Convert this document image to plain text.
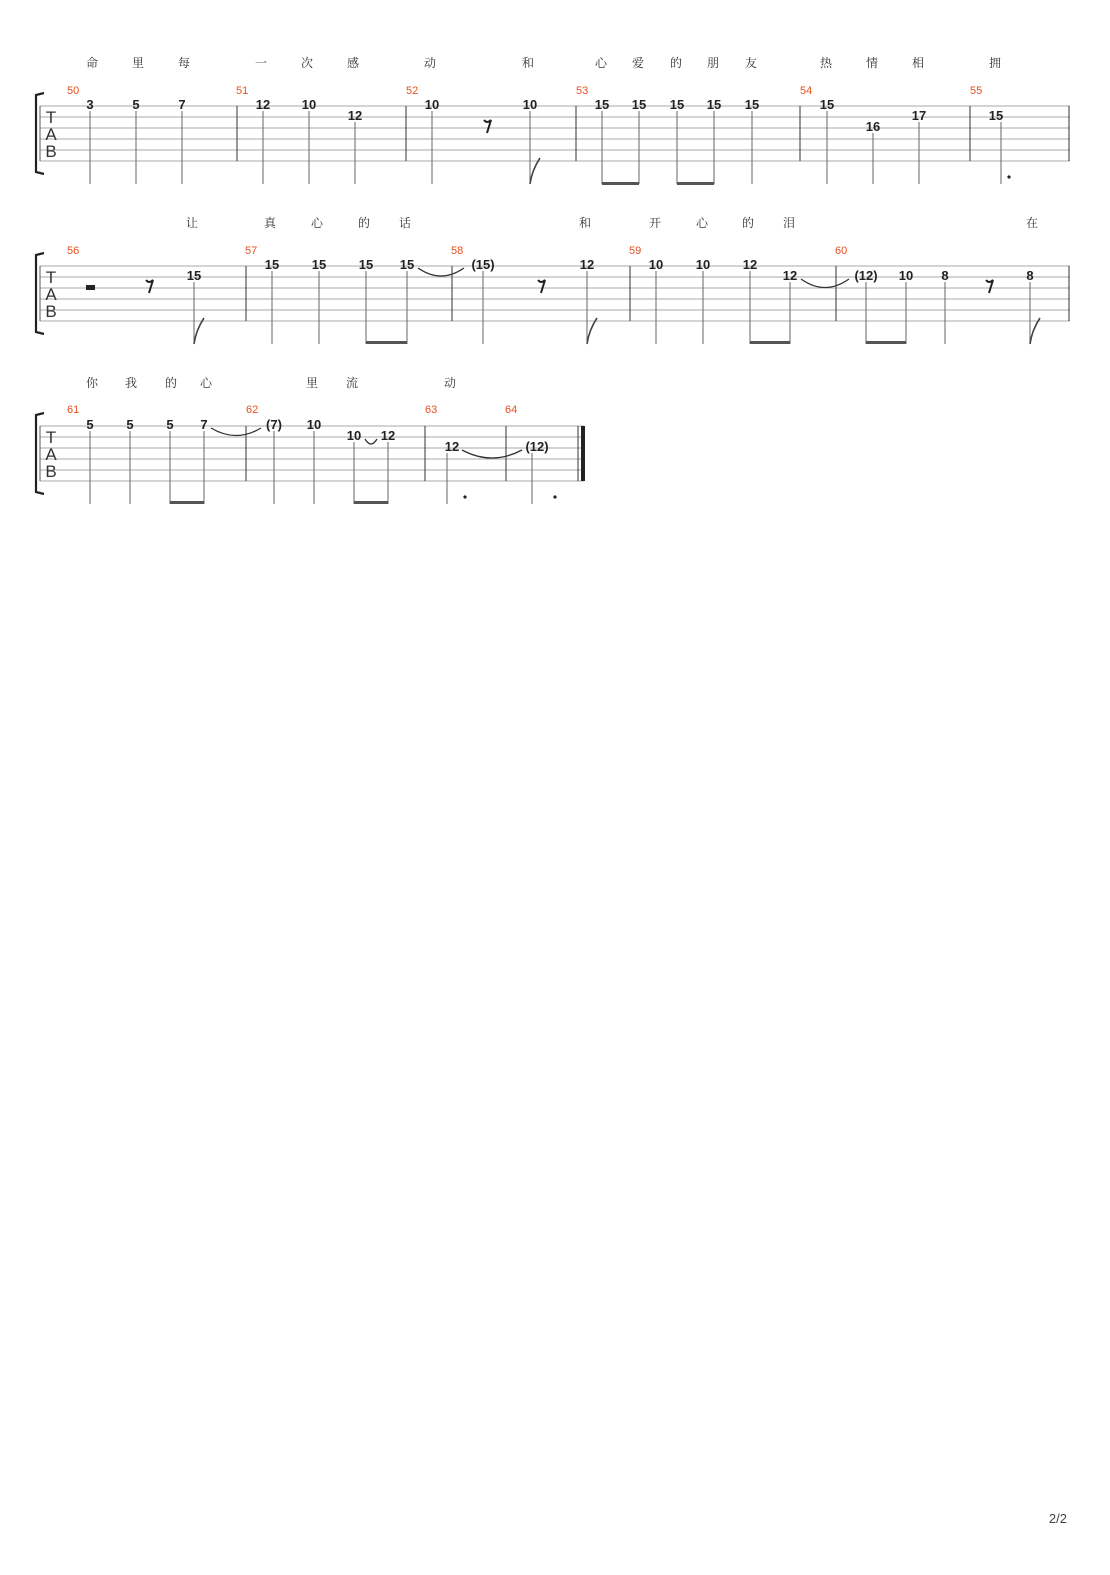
T
A
B
命	里	每	一	次	感	动	和	心 爱 的 朋 友	热	情	相	拥
50	51	52	53	54	55
3	5	7	12 10
12
10	10	15 15 15 15 15	15
16
17	15
T
A
B
让	真	心	的 话	和	开	心	的 泪	在
56	57	58	59	60
15
15	15	15 15	(15)	12	10	10	12
12	(12) 10 8	8
T
A
B
你 我 的 心	里 流	动
61	62	63	64
5	5	5 7	(7) 10
10 12
12	(12)
2/2
